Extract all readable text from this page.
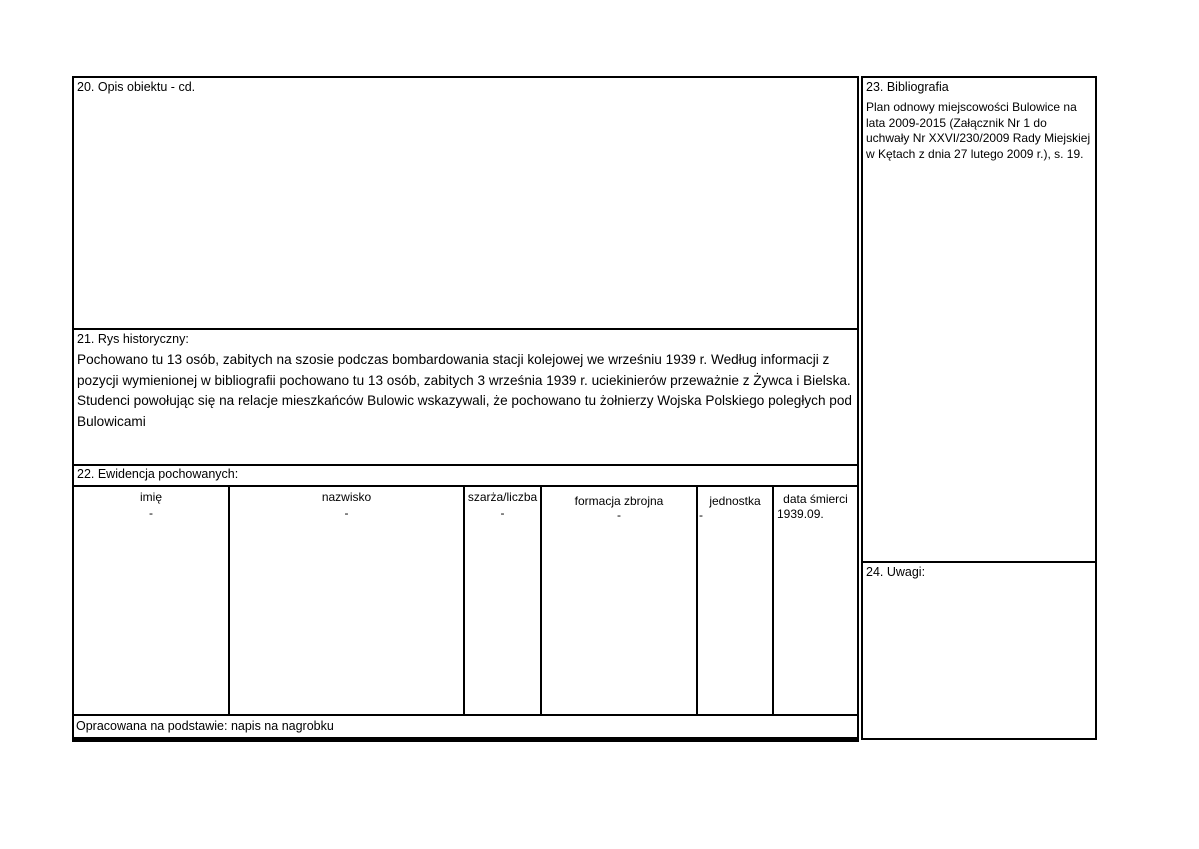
20. Opis obiektu - cd.
21. Rys historyczny:
Pochowano tu 13 osób, zabitych na szosie podczas bombardowania stacji kolejowej we wrześniu 1939 r. Według informacji z pozycji wymienionej w bibliografii pochowano tu 13 osób, zabitych 3 września 1939 r. uciekinierów przeważnie z Żywca i Bielska. Studenci powołując się na relacje mieszkańców Bulowic wskazywali, że pochowano tu żołnierzy Wojska Polskiego poległych pod Bulowicami
22. Ewidencja pochowanych:
imię
-
nazwisko
-
szarża/liczba
-
formacja zbrojna
-
jednostka
-
data śmierci
1939.09.
Opracowana na podstawie: napis na nagrobku
23. Bibliografia
Plan odnowy miejscowości Bulowice na lata 2009-2015 (Załącznik Nr 1 do uchwały Nr XXVI/230/2009 Rady Miejskiej w Kętach z dnia 27 lutego 2009 r.), s. 19.
24. Uwagi:
